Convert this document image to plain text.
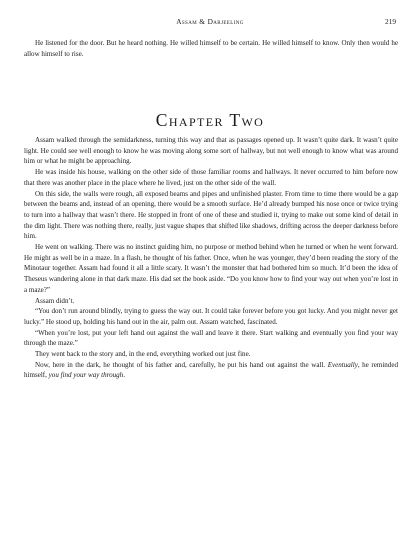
Assam & Darjeeling	219

He listened for the door. But he heard nothing. He willed himself to be certain. He willed himself to know. Only then would he allow himself to rise.

Chapter Two

Assam walked through the semidarkness, turning this way and that as passages opened up. It wasn’t quite dark. It wasn’t quite light. He could see well enough to know he was moving along some sort of hallway, but not well enough to know what was around him or what he might be approaching.

He was inside his house, walking on the other side of those familiar rooms and hallways. It never occurred to him before now that there was another place in the place where he lived, just on the other side of the wall.

On this side, the walls were rough, all exposed beams and pipes and unfinished plaster. From time to time there would be a gap between the beams and, instead of an opening, there would be a smooth surface. He’d already bumped his nose once or twice trying to turn into a hallway that wasn’t there. He stopped in front of one of these and studied it, trying to make out some kind of detail in the dim light. There was nothing there, really, just vague shapes that shifted like shadows, drifting across the deeper darkness before him.

He went on walking. There was no instinct guiding him, no purpose or method behind when he turned or when he went forward. He might as well be in a maze. In a flash, he thought of his father. Once, when he was younger, they’d been reading the story of the Minotaur together. Assam had found it all a little scary. It wasn’t the monster that had bothered him so much. It’d been the idea of Theseus wandering alone in that dark maze. His dad set the book aside. “Do you know how to find your way out when you’re lost in a maze?”

Assam didn’t.

“You don’t run around blindly, trying to guess the way out. It could take forever before you got lucky. And you might never get lucky.” He stood up, holding his hand out in the air, palm out. Assam watched, fascinated.

“When you’re lost, put your left hand out against the wall and leave it there. Start walking and eventually you find your way through the maze.”

They went back to the story and, in the end, everything worked out just fine.

Now, here in the dark, he thought of his father and, carefully, he put his hand out against the wall. Eventually, he reminded himself, you find your way through.
